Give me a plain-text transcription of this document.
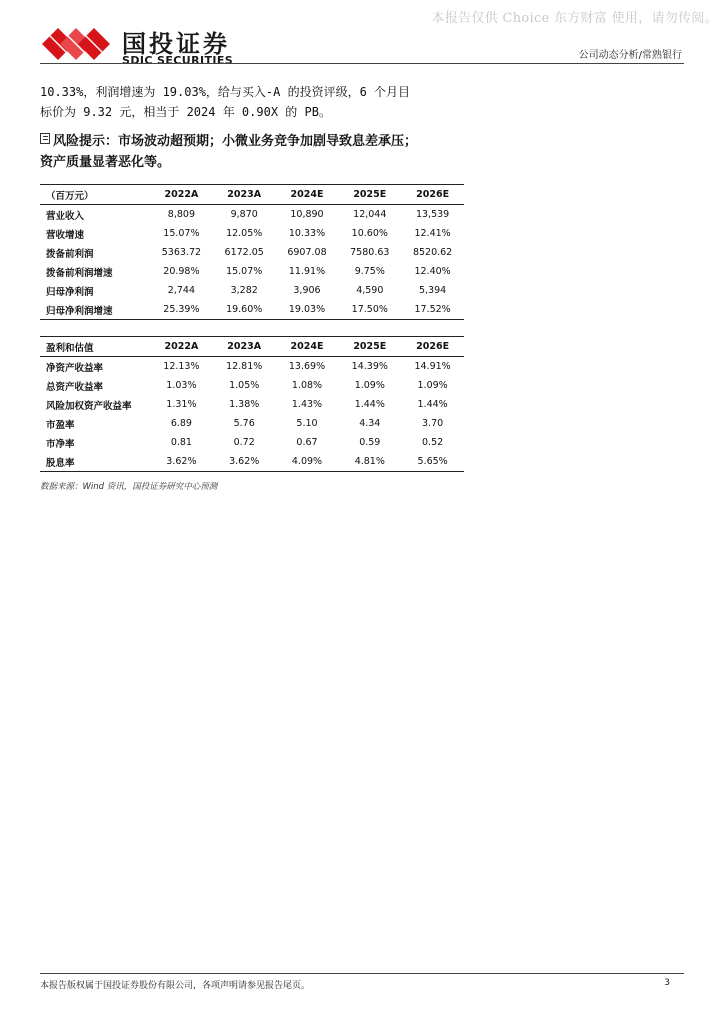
本报告仅供 Choice 东方财富 使用，请勿传阅。
国投证券
SDIC SECURITIES	公司动态分析/常熟银行
10.33%，利润增速为 19.03%，给与买入-A 的投资评级，6 个月目
标价为 9.32 元，相当于 2024 年 0.90X 的 PB。
风险提示：市场波动超预期；小微业务竞争加剧导致息差承压；
资产质量显著恶化等。
（百万元）	2022A	2023A	2024E	2025E	2026E
营业收入	8,809	9,870	10,890	12,044	13,539
营收增速	15.07%	12.05%	10.33%	10.60%	12.41%
拨备前利润	5363.72	6172.05	6907.08	7580.63	8520.62
拨备前利润增速	20.98%	15.07%	11.91%	9.75%	12.40%
归母净利润	2,744	3,282	3,906	4,590	5,394
归母净利润增速	25.39%	19.60%	19.03%	17.50%	17.52%
盈利和估值	2022A	2023A	2024E	2025E	2026E
净资产收益率	12.13%	12.81%	13.69%	14.39%	14.91%
总资产收益率	1.03%	1.05%	1.08%	1.09%	1.09%
风险加权资产收益率	1.31%	1.38%	1.43%	1.44%	1.44%
市盈率	6.89	5.76	5.10	4.34	3.70
市净率	0.81	0.72	0.67	0.59	0.52
股息率	3.62%	3.62%	4.09%	4.81%	5.65%
数据来源：Wind 资讯，国投证券研究中心预测
本报告版权属于国投证券股份有限公司，各项声明请参见报告尾页。	3
